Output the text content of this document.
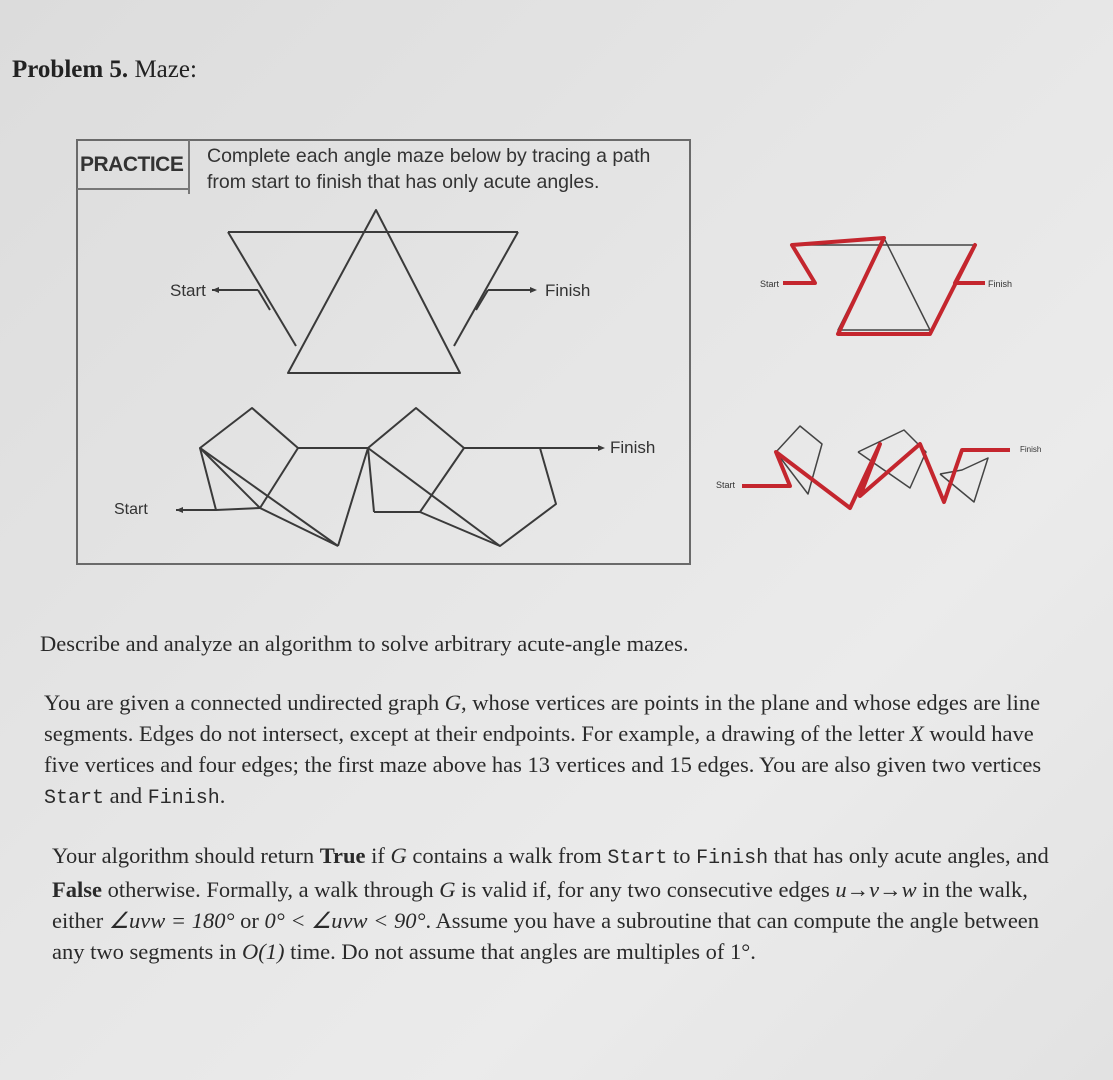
Problem 5. Maze:
PRACTICE Complete each angle maze below by tracing a path from start to finish that has only acute angles.
Start	Finish
Start
Finish
Start	Finish
Start
Finish
Describe and analyze an algorithm to solve arbitrary acute-angle mazes.
You are given a connected undirected graph G, whose vertices are points in the plane and whose edges are line segments. Edges do not intersect, except at their endpoints. For example, a drawing of the letter X would have five vertices and four edges; the first maze above has 13 vertices and 15 edges. You are also given two vertices Start and Finish.
Your algorithm should return True if G contains a walk from Start to Finish that has only acute angles, and False otherwise. Formally, a walk through G is valid if, for any two consecutive edges u→v→w in the walk, either ∠uvw = 180° or 0° < ∠uvw < 90°. Assume you have a subroutine that can compute the angle between any two segments in O(1) time. Do not assume that angles are multiples of 1°.
